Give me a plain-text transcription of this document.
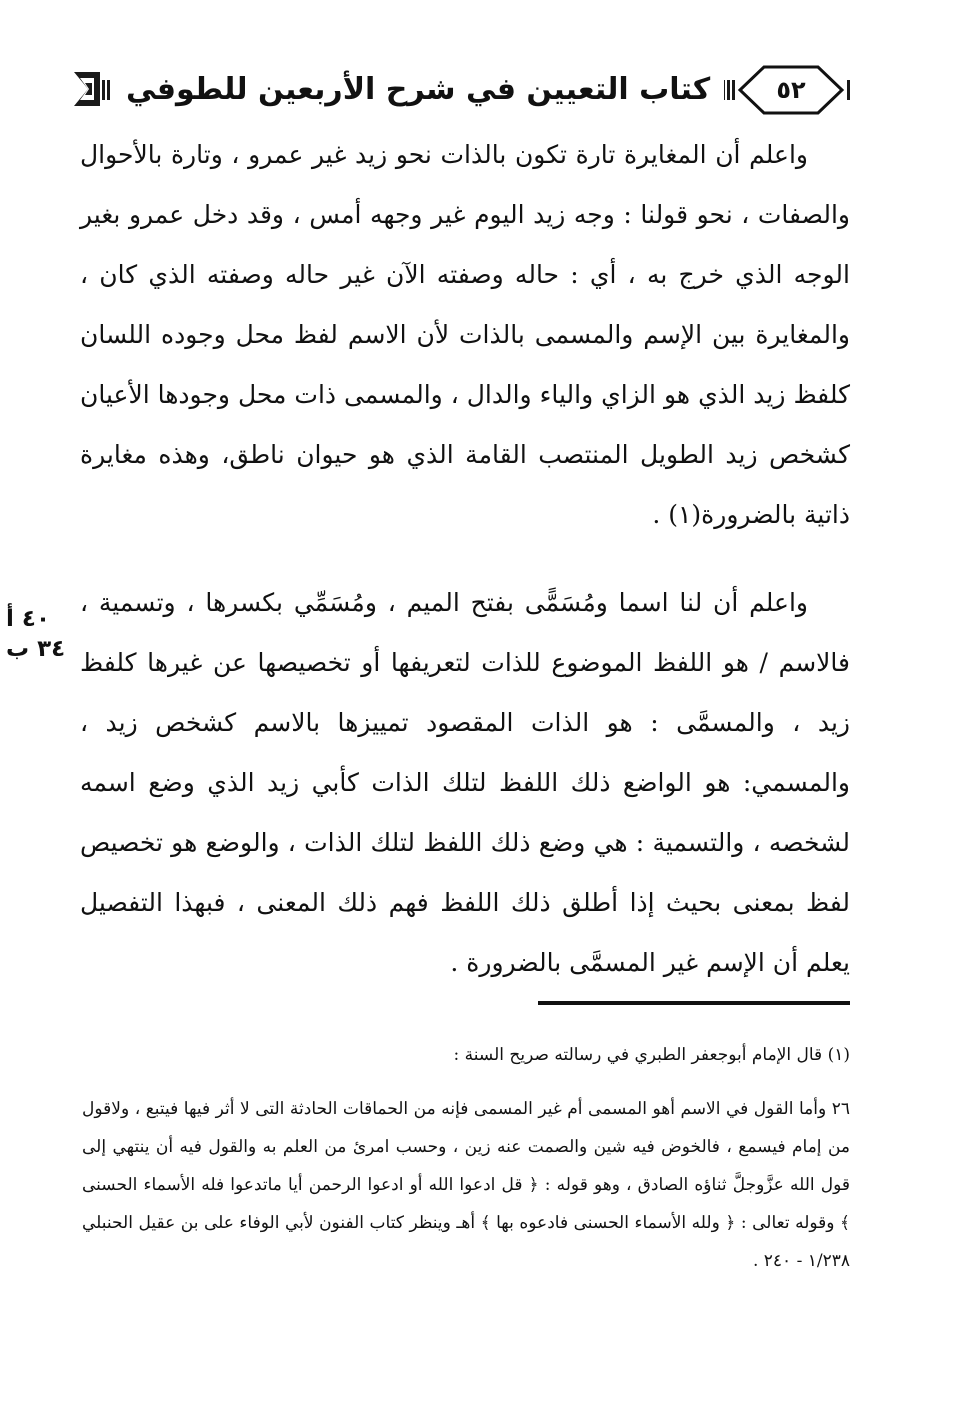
كتاب التعيين في شرح الأربعين للطوفي	٥٢

واعلم أن المغايرة تارة تكون بالذات نحو زيد غير عمرو ، وتارة بالأحوال والصفات ، نحو قولنا : وجه زيد اليوم غير وجهه أمس ، وقد دخل عمرو بغير الوجه الذي خرج به ، أي : حاله وصفته الآن غير حاله وصفته الذي كان ، والمغايرة بين الإسم والمسمى بالذات لأن الاسم لفظ محل وجوده اللسان كلفظ زيد الذي هو الزاي والياء والدال ، والمسمى ذات محل وجودها الأعيان كشخص زيد الطويل المنتصب القامة الذي هو حيوان ناطق، وهذه مغايرة ذاتية بالضرورة(١) .

واعلم أن لنا اسما ومُسَمًّى بفتح الميم ، ومُسَمِّي بكسرها ، وتسمية ، فالاسم / هو اللفظ الموضوع للذات لتعريفها أو تخصيصها عن غيرها كلفظ زيد ، والمسمَّى : هو الذات المقصود تمييزها بالاسم كشخص زيد ، والمسمي: هو الواضع ذلك اللفظ لتلك الذات كأبي زيد الذي وضع اسمه لشخصه ، والتسمية : هي وضع ذلك اللفظ لتلك الذات ، والوضع هو تخصيص لفظ بمعنى بحيث إذا أطلق ذلك اللفظ فهم ذلك المعنى ، فبهذا التفصيل يعلم أن الإسم غير المسمَّى بالضرورة .

٤٠ أ
٣٤ ب

(١) قال الإمام أبوجعفر الطبري في رسالته صريح السنة :

٢٦ وأما القول في الاسم أهو المسمى أم غير المسمى فإنه من الحماقات الحادثة التى لا أثر فيها فيتبع ، ولاقول من إمام فيسمع ، فالخوض فيه شين والصمت عنه زين ، وحسب امرئ من العلم به والقول فيه أن ينتهي إلى قول الله عزَّوجلَّ ثناؤه الصادق ، وهو قوله : ﴿ قل ادعوا الله أو ادعوا الرحمن أيا ماتدعوا فله الأسماء الحسنى ﴾ وقوله تعالى : ﴿ ولله الأسماء الحسنى فادعوه بها ﴾ أهـ وينظر كتاب الفنون لأبي الوفاء على بن عقيل الحنبلي ١/٢٣٨ - ٢٤٠ .
